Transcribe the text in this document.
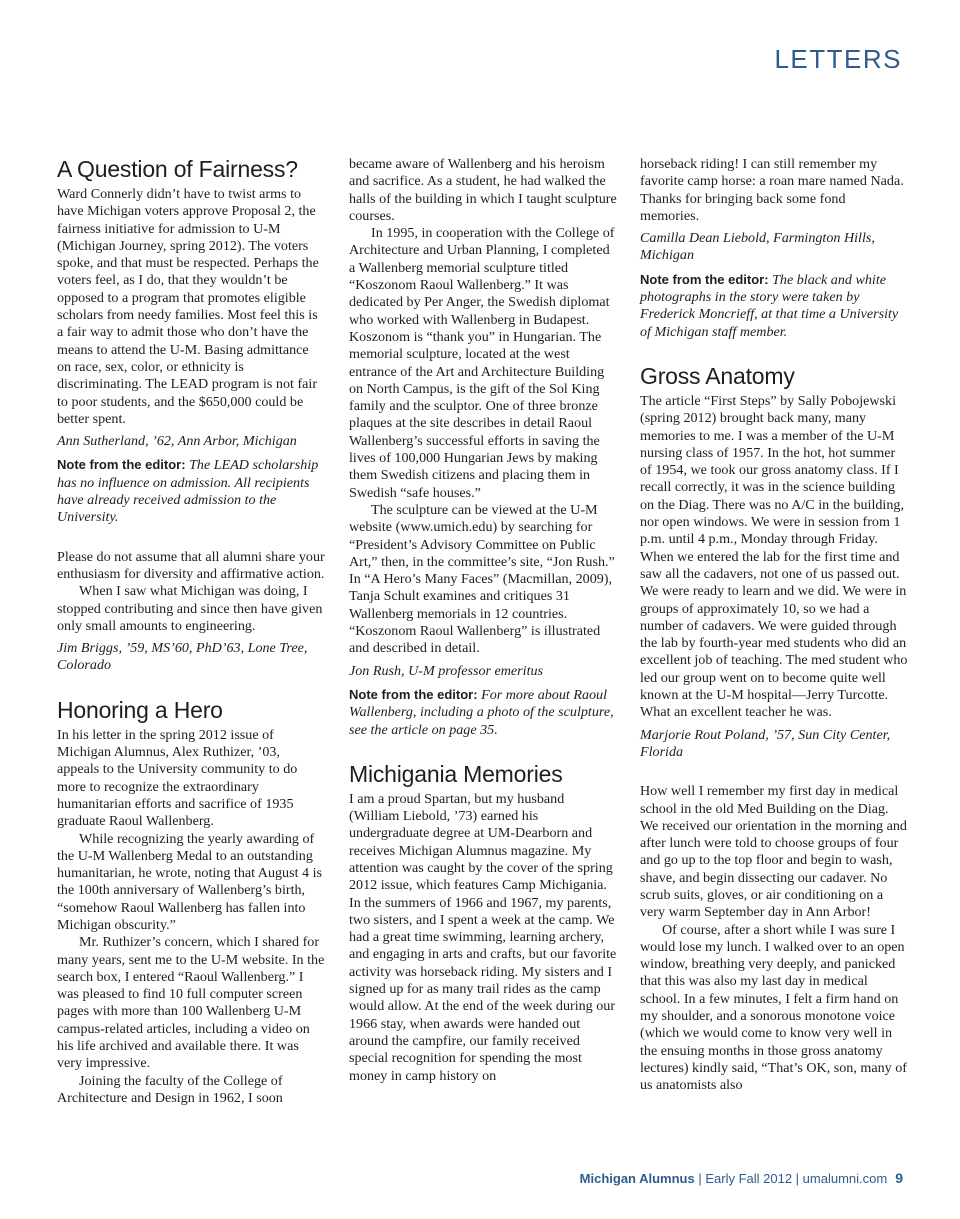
LETTERS
A Question of Fairness?

Ward Connerly didn’t have to twist arms to have Michigan voters approve Proposal 2, the fairness initiative for admission to U-M (Michigan Journey, spring 2012). The voters spoke, and that must be respected. Perhaps the voters feel, as I do, that they wouldn’t be opposed to a program that promotes eligible scholars from needy families. Most feel this is a fair way to admit those who don’t have the means to attend the U-M. Basing admittance on race, sex, color, or ethnicity is discriminating. The LEAD program is not fair to poor students, and the $650,000 could be better spent.

Ann Sutherland, ’62, Ann Arbor, Michigan

Note from the editor: The LEAD scholarship has no influence on admission. All recipients have already received admission to the University.

Please do not assume that all alumni share your enthusiasm for diversity and affirmative action.

When I saw what Michigan was doing, I stopped contributing and since then have given only small amounts to engineering.

Jim Briggs, ’59, MS’60, PhD’63, Lone Tree, Colorado

Honoring a Hero

In his letter in the spring 2012 issue of Michigan Alumnus, Alex Ruthizer, ’03, appeals to the University community to do more to recognize the extraordinary humanitarian efforts and sacrifice of 1935 graduate Raoul Wallenberg.

While recognizing the yearly awarding of the U-M Wallenberg Medal to an outstanding humanitarian, he wrote, noting that August 4 is the 100th anniversary of Wallenberg’s birth, “somehow Raoul Wallenberg has fallen into Michigan obscurity.”

Mr. Ruthizer’s concern, which I shared for many years, sent me to the U-M website. In the search box, I entered “Raoul Wallenberg.” I was pleased to find 10 full computer screen pages with more than 100 Wallenberg U-M campus-related articles, including a video on his life archived and available there. It was very impressive.

Joining the faculty of the College of Architecture and Design in 1962, I soon

became aware of Wallenberg and his heroism and sacrifice. As a student, he had walked the halls of the building in which I taught sculpture courses.

In 1995, in cooperation with the College of Architecture and Urban Planning, I completed a Wallenberg memorial sculpture titled “Koszonom Raoul Wallenberg.” It was dedicated by Per Anger, the Swedish diplomat who worked with Wallenberg in Budapest. Koszonom is “thank you” in Hungarian. The memorial sculpture, located at the west entrance of the Art and Architecture Building on North Campus, is the gift of the Sol King family and the sculptor. One of three bronze plaques at the site describes in detail Raoul Wallenberg’s successful efforts in saving the lives of 100,000 Hungarian Jews by making them Swedish citizens and placing them in Swedish “safe houses.”

The sculpture can be viewed at the U-M website (www.umich.edu) by searching for “President’s Advisory Committee on Public Art,” then, in the committee’s site, “Jon Rush.” In “A Hero’s Many Faces” (Macmillan, 2009), Tanja Schult examines and critiques 31 Wallenberg memorials in 12 countries. “Koszonom Raoul Wallenberg” is illustrated and described in detail.

Jon Rush, U-M professor emeritus

Note from the editor: For more about Raoul Wallenberg, including a photo of the sculpture, see the article on page 35.

Michigania Memories

I am a proud Spartan, but my husband (William Liebold, ’73) earned his undergraduate degree at UM-Dearborn and receives Michigan Alumnus magazine. My attention was caught by the cover of the spring 2012 issue, which features Camp Michigania. In the summers of 1966 and 1967, my parents, two sisters, and I spent a week at the camp. We had a great time swimming, learning archery, and engaging in arts and crafts, but our favorite activity was horseback riding. My sisters and I signed up for as many trail rides as the camp would allow. At the end of the week during our 1966 stay, when awards were handed out around the campfire, our family received special recognition for spending the most money in camp history on

horseback riding! I can still remember my favorite camp horse: a roan mare named Nada. Thanks for bringing back some fond memories.

Camilla Dean Liebold, Farmington Hills, Michigan

Note from the editor: The black and white photographs in the story were taken by Frederick Moncrieff, at that time a University of Michigan staff member.

Gross Anatomy

The article “First Steps” by Sally Pobojewski (spring 2012) brought back many, many memories to me. I was a member of the U-M nursing class of 1957. In the hot, hot summer of 1954, we took our gross anatomy class. If I recall correctly, it was in the science building on the Diag. There was no A/C in the building, nor open windows. We were in session from 1 p.m. until 4 p.m., Monday through Friday. When we entered the lab for the first time and saw all the cadavers, not one of us passed out. We were ready to learn and we did. We were in groups of approximately 10, so we had a number of cadavers. We were guided through the lab by fourth-year med students who did an excellent job of teaching. The med student who led our group went on to become quite well known at the U-M hospital—Jerry Turcotte. What an excellent teacher he was.

Marjorie Rout Poland, ’57, Sun City Center, Florida

How well I remember my first day in medical school in the old Med Building on the Diag. We received our orientation in the morning and after lunch were told to choose groups of four and go up to the top floor and begin to wash, shave, and begin dissecting our cadaver. No scrub suits, gloves, or air conditioning on a very warm September day in Ann Arbor!

Of course, after a short while I was sure I would lose my lunch. I walked over to an open window, breathing very deeply, and panicked that this was also my last day in medical school. In a few minutes, I felt a firm hand on my shoulder, and a sonorous monotone voice (which we would come to know very well in the ensuing months in those gross anatomy lectures) kindly said, “That’s OK, son, many of us anatomists also

Michigan Alumnus | Early Fall 2012 | umalumni.com 9
